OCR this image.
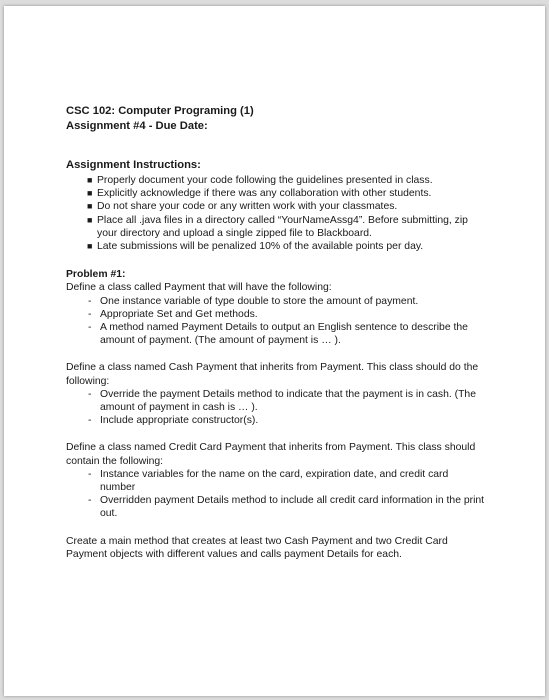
CSC 102: Computer Programing (1)
Assignment #4 - Due Date:
Assignment Instructions:
■ Properly document your code following the guidelines presented in class.
■ Explicitly acknowledge if there was any collaboration with other students.
■ Do not share your code or any written work with your classmates.
■ Place all .java files in a directory called “YourNameAssg4”. Before submitting, zip your directory and upload a single zipped file to Blackboard.
■ Late submissions will be penalized 10% of the available points per day.
Problem #1:
Define a class called Payment that will have the following:
- One instance variable of type double to store the amount of payment.
- Appropriate Set and Get methods.
- A method named Payment Details to output an English sentence to describe the amount of payment. (The amount of payment is … ).
Define a class named Cash Payment that inherits from Payment. This class should do the following:
- Override the payment Details method to indicate that the payment is in cash. (The amount of payment in cash is … ).
- Include appropriate constructor(s).
Define a class named Credit Card Payment that inherits from Payment. This class should contain the following:
- Instance variables for the name on the card, expiration date, and credit card number
- Overridden payment Details method to include all credit card information in the print out.
Create a main method that creates at least two Cash Payment and two Credit Card Payment objects with different values and calls payment Details for each.
